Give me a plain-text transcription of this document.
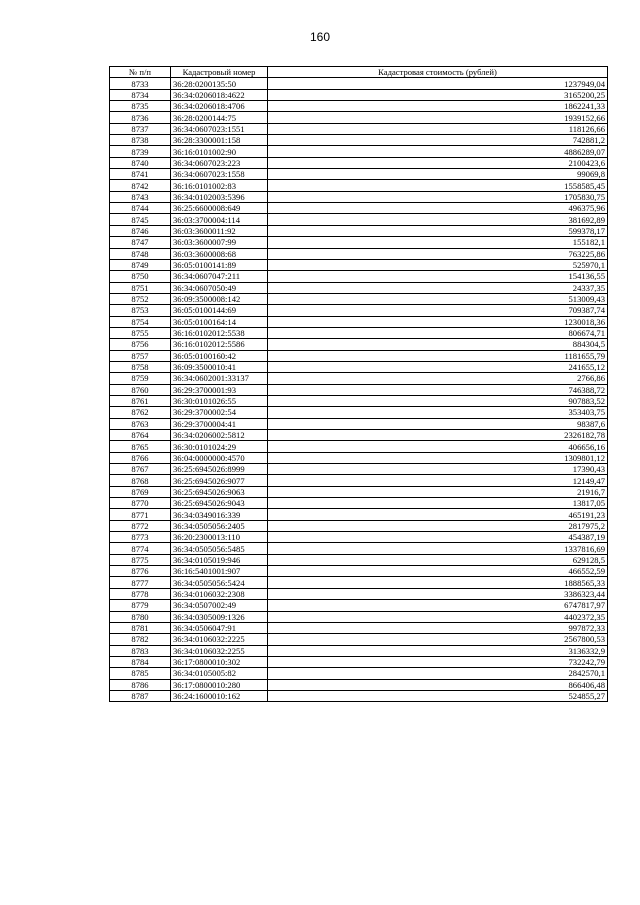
160
№ п/п	Кадастровый номер	Кадастровая стоимость (рублей)
8733	36:28:0200135:50	1237949,04
8734	36:34:0206018:4622	3165200,25
8735	36:34:0206018:4706	1862241,33
8736	36:28:0200144:75	1939152,66
8737	36:34:0607023:1551	118126,66
8738	36:28:3300001:158	742881,2
8739	36:16:0101002:90	4886289,07
8740	36:34:0607023:223	2100423,6
8741	36:34:0607023:1558	99069,8
8742	36:16:0101002:83	1558585,45
8743	36:34:0102003:5396	1705830,75
8744	36:25:6600008:649	496375,96
8745	36:03:3700004:114	381692,89
8746	36:03:3600011:92	599378,17
8747	36:03:3600007:99	155182,1
8748	36:03:3600008:68	763225,86
8749	36:05:0100141:89	525970,1
8750	36:34:0607047:211	154136,55
8751	36:34:0607050:49	24337,35
8752	36:09:3500008:142	513009,43
8753	36:05:0100144:69	709387,74
8754	36:05:0100164:14	1230018,36
8755	36:16:0102012:5538	806674,71
8756	36:16:0102012:5586	884304,5
8757	36:05:0100160:42	1181655,79
8758	36:09:3500010:41	241655,12
8759	36:34:0602001:33137	2766,86
8760	36:29:3700001:93	746388,72
8761	36:30:0101026:55	907883,52
8762	36:29:3700002:54	353403,75
8763	36:29:3700004:41	98387,6
8764	36:34:0206002:5812	2326182,78
8765	36:30:0101024:29	406656,16
8766	36:04:0000000:4570	1309801,12
8767	36:25:6945026:8999	17390,43
8768	36:25:6945026:9077	12149,47
8769	36:25:6945026:9063	21916,7
8770	36:25:6945026:9043	13817,05
8771	36:34:0349016:339	465191,23
8772	36:34:0505056:2405	2817975,2
8773	36:20:2300013:110	454387,19
8774	36:34:0505056:5485	1337816,69
8775	36:34:0105019:946	629128,5
8776	36:16:5401001:907	466552,59
8777	36:34:0505056:5424	1888565,33
8778	36:34:0106032:2308	3386323,44
8779	36:34:0507002:49	6747817,97
8780	36:34:0305009:1326	4402372,35
8781	36:34:0506047:91	997872,33
8782	36:34:0106032:2225	2567800,53
8783	36:34:0106032:2255	3136332,9
8784	36:17:0800010:302	732242,79
8785	36:34:0105005:82	2842570,1
8786	36:17:0800010:280	866406,48
8787	36:24:1600010:162	524855,27
